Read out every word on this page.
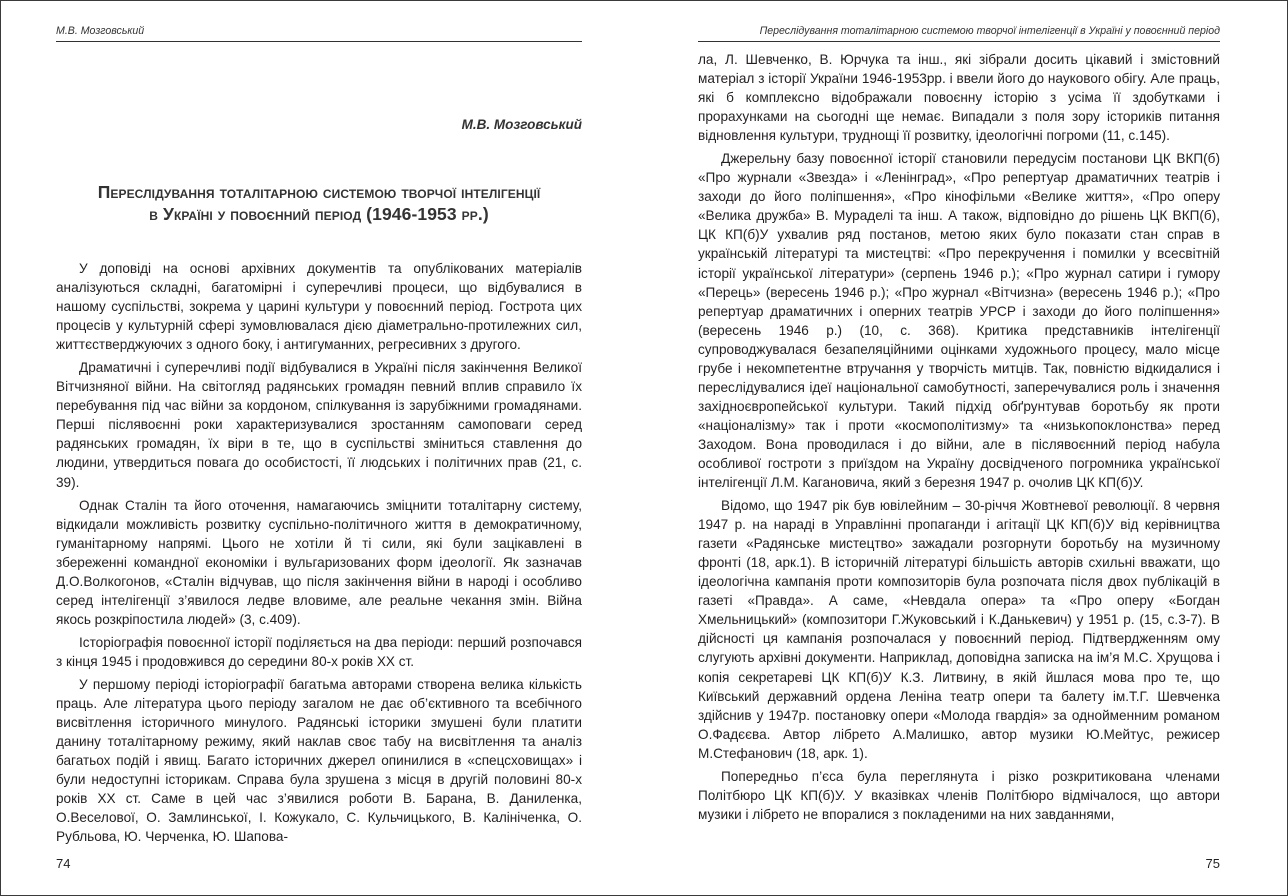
М.В. Мозговський
М.В. Мозговський
Переслідування тоталітарною системою творчої інтелігенції
в Україні у повоєнний період (1946-1953 рр.)

У доповіді на основі архівних документів та опублікованих матеріалів аналізуються складні, багатомірні і суперечливі процеси, що відбувалися в нашому суспільстві, зокрема у царині культури у повоєнний період. Гострота цих процесів у культурній сфері зумовлювалася дією діаметрально-протилежних сил, життєстверджуючих з одного боку, і антигуманних, регресивних з другого.

Драматичні і суперечливі події відбувалися в Україні після закінчення Великої Вітчизняної війни. На світогляд радянських громадян певний вплив справило їх перебування під час війни за кордоном, спілкування із зарубіжними громадянами. Перші післявоєнні роки характеризувалися зростанням самоповаги серед радянських громадян, їх віри в те, що в суспільстві зміниться ставлення до людини, утвердиться повага до особистості, її людських і політичних прав (21, с. 39).

Однак Сталін та його оточення, намагаючись зміцнити тоталітарну систему, відкидали можливість розвитку суспільно-політичного життя в демократичному, гуманітарному напрямі. Цього не хотіли й ті сили, які були зацікавлені в збереженні командної економіки і вульгаризованих форм ідеології. Як зазначав Д.О.Волкогонов, «Сталін відчував, що після закінчення війни в народі і особливо серед інтелігенції з’явилося ледве вловиме, але реальне чекання змін. Війна якось розкріпостила людей» (3, с.409).

Історіографія повоєнної історії поділяється на два періоди: перший розпочався з кінця 1945 і продовжився до середини 80-х років XX ст.

У першому періоді історіографії багатьма авторами створена велика кількість праць. Але література цього періоду загалом не дає об’єктивного та всебічного висвітлення історичного минулого. Радянські історики змушені були платити данину тоталітарному режиму, який наклав своє табу на висвітлення та аналіз багатьох подій і явищ. Багато історичних джерел опинилися в «спецсховищах» і були недоступні історикам. Справа була зрушена з місця в другій половині 80-х років XX ст. Саме в цей час з’явилися роботи В. Барана, В. Даниленка, О.Веселової, О. Замлинської, І. Кожукало, С. Кульчицького, В. Калініченка, О. Рубльова, Ю. Черченка, Ю. Шапова-

74
Переслідування тоталітарною системою творчої інтелігенції в Україні у повоєнний період

ла, Л. Шевченко, В. Юрчука та інш., які зібрали досить цікавий і змістовний матеріал з історії України 1946-1953рр. і ввели його до наукового обігу. Але праць, які б комплексно відображали повоєнну історію з усіма її здобутками і прорахунками на сьогодні ще немає. Випадали з поля зору істориків питання відновлення культури, труднощі її розвитку, ідеологічні погроми (11, с.145).

Джерельну базу повоєнної історії становили передусім постанови ЦК ВКП(б) «Про журнали «Звезда» і «Ленінград», «Про репертуар драматичних театрів і заходи до його поліпшення», «Про кінофільми «Велике життя», «Про оперу «Велика дружба» В. Мураделі та інш. А також, відповідно до рішень ЦК ВКП(б), ЦК КП(б)У ухвалив ряд постанов, метою яких було показати стан справ в українській літературі та мистецтві: «Про перекручення і помилки у всесвітній історії української літератури» (серпень 1946 р.); «Про журнал сатири і гумору «Перець» (вересень 1946 р.); «Про журнал «Вітчизна» (вересень 1946 р.); «Про репертуар драматичних і оперних театрів УРСР і заходи до його поліпшення» (вересень 1946 р.) (10, с. 368). Критика представників інтелігенції супроводжувалася безапеляційними оцінками художнього процесу, мало місце грубе і некомпетентне втручання у творчість митців. Так, повністю відкидалися і переслідувалися ідеї національної самобутності, заперечувалися роль і значення західноєвропейської культури. Такий підхід обґрунтував боротьбу як проти «націоналізму» так і проти «космополітизму» та «низькопоклонства» перед Заходом. Вона проводилася і до війни, але в післявоєнний період набула особливої гостроти з приїздом на Україну досвідченого погромника української інтелігенції Л.М. Кагановича, який з березня 1947 р. очолив ЦК КП(б)У.

Відомо, що 1947 рік був ювілейним – 30-річчя Жовтневої революції. 8 червня 1947 р. на нараді в Управлінні пропаганди і агітації ЦК КП(б)У від керівництва газети «Радянське мистецтво» зажадали розгорнути боротьбу на музичному фронті (18, арк.1). В історичній літературі більшість авторів схильні вважати, що ідеологічна кампанія проти композиторів була розпочата після двох публікацій в газеті «Правда». А саме, «Невдала опера» та «Про оперу «Богдан Хмельницький» (композитори Г.Жуковський і К.Данькевич) у 1951 р. (15, с.3-7). В дійсності ця кампанія розпочалася у повоєнний період. Підтвердженням ому слугують архівні документи. Наприклад, доповідна записка на ім’я М.С. Хрущова і копія секретареві ЦК КП(б)У К.З. Литвину, в якій йшлася мова про те, що Київський державний ордена Леніна театр опери та балету ім.Т.Г. Шевченка здійснив у 1947р. постановку опери «Молода гвардія» за однойменним романом О.Фадєєва. Автор лібрето А.Малишко, автор музики Ю.Мейтус, режисер М.Стефанович (18, арк. 1).

Попередньо п’єса була переглянута і різко розкритикована членами Політбюро ЦК КП(б)У. У вказівках членів Політбюро відмічалося, що автори музики і лібрето не впоралися з покладеними на них завданнями,

75
